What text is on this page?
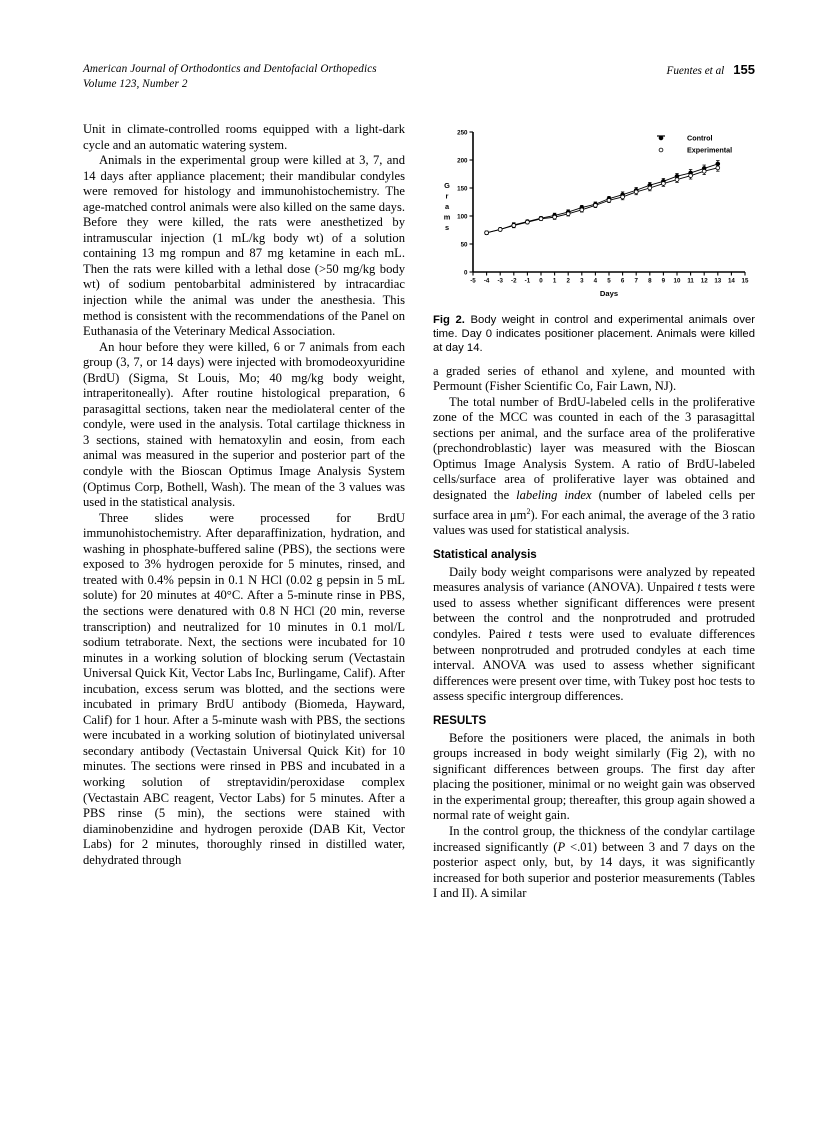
American Journal of Orthodontics and Dentofacial Orthopedics
Volume 123, Number 2
Fuentes et al 155

Unit in climate-controlled rooms equipped with a light-dark cycle and an automatic watering system.

Animals in the experimental group were killed at 3, 7, and 14 days after appliance placement; their mandibular condyles were removed for histology and immunohistochemistry. The age-matched control animals were also killed on the same days. Before they were killed, the rats were anesthetized by intramuscular injection (1 mL/kg body wt) of a solution containing 13 mg rompun and 87 mg ketamine in each mL. Then the rats were killed with a lethal dose (>50 mg/kg body wt) of sodium pentobarbital administered by intracardiac injection while the animal was under the anesthesia. This method is consistent with the recommendations of the Panel on Euthanasia of the Veterinary Medical Association.

An hour before they were killed, 6 or 7 animals from each group (3, 7, or 14 days) were injected with bromodeoxyuridine (BrdU) (Sigma, St Louis, Mo; 40 mg/kg body weight, intraperitoneally). After routine histological preparation, 6 parasagittal sections, taken near the mediolateral center of the condyle, were used in the analysis. Total cartilage thickness in 3 sections, stained with hematoxylin and eosin, from each animal was measured in the superior and posterior part of the condyle with the Bioscan Optimus Image Analysis System (Optimus Corp, Bothell, Wash). The mean of the 3 values was used in the statistical analysis.

Three slides were processed for BrdU immunohistochemistry. After deparaffinization, hydration, and washing in phosphate-buffered saline (PBS), the sections were exposed to 3% hydrogen peroxide for 5 minutes, rinsed, and treated with 0.4% pepsin in 0.1 N HCl (0.02 g pepsin in 5 mL solute) for 20 minutes at 40°C. After a 5-minute rinse in PBS, the sections were denatured with 0.8 N HCl (20 min, reverse transcription) and neutralized for 10 minutes in 0.1 mol/L sodium tetraborate. Next, the sections were incubated for 10 minutes in a working solution of blocking serum (Vectastain Universal Quick Kit, Vector Labs Inc, Burlingame, Calif). After incubation, excess serum was blotted, and the sections were incubated in primary BrdU antibody (Biomeda, Hayward, Calif) for 1 hour. After a 5-minute wash with PBS, the sections were incubated in a working solution of biotinylated universal secondary antibody (Vectastain Universal Quick Kit) for 10 minutes. The sections were rinsed in PBS and incubated in a working solution of streptavidin/peroxidase complex (Vectastain ABC reagent, Vector Labs) for 5 minutes. After a PBS rinse (5 min), the sections were stained with diaminobenzidine and hydrogen peroxide (DAB Kit, Vector Labs) for 2 minutes, thoroughly rinsed in distilled water, dehydrated through

0
50
100
150
200
250
-5 -4 -3 -2 -1 0 1 2 3 4 5 6 7 8 9 10 11 12 13 14 15
Days
G
r
a
m
s
Control
Experimental
Fig 2. Body weight in control and experimental animals over time. Day 0 indicates positioner placement. Animals were killed at day 14.

a graded series of ethanol and xylene, and mounted with Permount (Fisher Scientific Co, Fair Lawn, NJ).

The total number of BrdU-labeled cells in the proliferative zone of the MCC was counted in each of the 3 parasagittal sections per animal, and the surface area of the proliferative (prechondroblastic) layer was measured with the Bioscan Optimus Image Analysis System. A ratio of BrdU-labeled cells/surface area of proliferative layer was obtained and designated the labeling index (number of labeled cells per surface area in $\mu m^2$). For each animal, the average of the 3 ratio values was used for statistical analysis.

Statistical analysis

Daily body weight comparisons were analyzed by repeated measures analysis of variance (ANOVA). Unpaired t tests were used to assess whether significant differences were present between the control and the nonprotruded and protruded condyles. Paired t tests were used to evaluate differences between nonprotruded and protruded condyles at each time interval. ANOVA was used to assess whether significant differences were present over time, with Tukey post hoc tests to assess specific intergroup differences.

RESULTS

Before the positioners were placed, the animals in both groups increased in body weight similarly (Fig 2), with no significant differences between groups. The first day after placing the positioner, minimal or no weight gain was observed in the experimental group; thereafter, this group again showed a normal rate of weight gain.

In the control group, the thickness of the condylar cartilage increased significantly (P <.01) between 3 and 7 days on the posterior aspect only, but, by 14 days, it was significantly increased for both superior and posterior measurements (Tables I and II). A similar
